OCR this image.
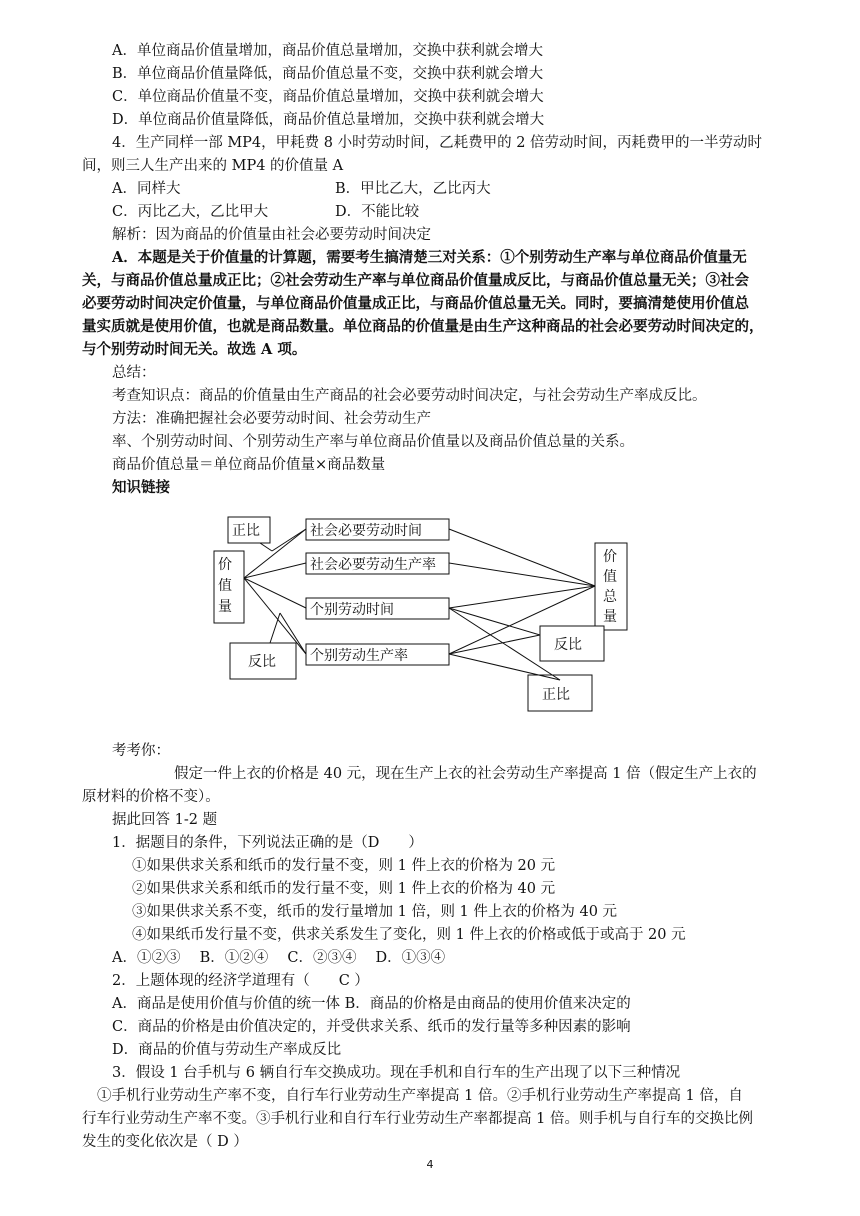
A．单位商品价值量增加，商品价值总量增加，交换中获利就会增大
B．单位商品价值量降低，商品价值总量不变，交换中获利就会增大
C．单位商品价值量不变，商品价值总量增加，交换中获利就会增大
D．单位商品价值量降低，商品价值总量增加，交换中获利就会增大
4．生产同样一部 MP4，甲耗费 8 小时劳动时间，乙耗费甲的 2 倍劳动时间，丙耗费甲的一半劳动时
间，则三人生产出来的 MP4 的价值量 A
A．同样大	B．甲比乙大，乙比丙大
C．丙比乙大，乙比甲大	D．不能比较
解析：因为商品的价值量由社会必要劳动时间决定
A．本题是关于价值量的计算题，需要考生搞清楚三对关系：①个别劳动生产率与单位商品价值量无
关，与商品价值总量成正比；②社会劳动生产率与单位商品价值量成反比，与商品价值总量无关；③社会
必要劳动时间决定价值量，与单位商品价值量成正比，与商品价值总量无关。同时，要搞清楚使用价值总
量实质就是使用价值，也就是商品数量。单位商品的价值量是由生产这种商品的社会必要劳动时间决定的，
与个别劳动时间无关。故选 A 项。
总结：
考查知识点：商品的价值量由生产商品的社会必要劳动时间决定，与社会劳动生产率成反比。
方法：准确把握社会必要劳动时间、社会劳动生产
率、个别劳动时间、个别劳动生产率与单位商品价值量以及商品价值总量的关系。
商品价值总量＝单位商品价值量×商品数量
知识链接
正比
价
值
量
反比
社会必要劳动时间
社会必要劳动生产率
个别劳动时间
个别劳动生产率
价
值
总
量
反比
正比
考考你：
假定一件上衣的价格是 40 元，现在生产上衣的社会劳动生产率提高 1 倍（假定生产上衣的
原材料的价格不变）。
据此回答 1-2 题
1．据题目的条件，下列说法正确的是（D　　）
①如果供求关系和纸币的发行量不变，则 1 件上衣的价格为 20 元
②如果供求关系和纸币的发行量不变，则 1 件上衣的价格为 40 元
③如果供求关系不变，纸币的发行量增加 1 倍，则 1 件上衣的价格为 40 元
④如果纸币发行量不变，供求关系发生了变化，则 1 件上衣的价格或低于或高于 20 元
A．①②③　 B．①②④　 C．②③④　 D．①③④
2．上题体现的经济学道理有（　　C ）
A．商品是使用价值与价值的统一体 B．商品的价格是由商品的使用价值来决定的
C．商品的价格是由价值决定的，并受供求关系、纸币的发行量等多种因素的影响
D．商品的价值与劳动生产率成反比
3．假设 1 台手机与 6 辆自行车交换成功。现在手机和自行车的生产出现了以下三种情况
①手机行业劳动生产率不变，自行车行业劳动生产率提高 1 倍。②手机行业劳动生产率提高 1 倍，自
行车行业劳动生产率不变。③手机行业和自行车行业劳动生产率都提高 1 倍。则手机与自行车的交换比例
发生的变化依次是（ D ）
4
